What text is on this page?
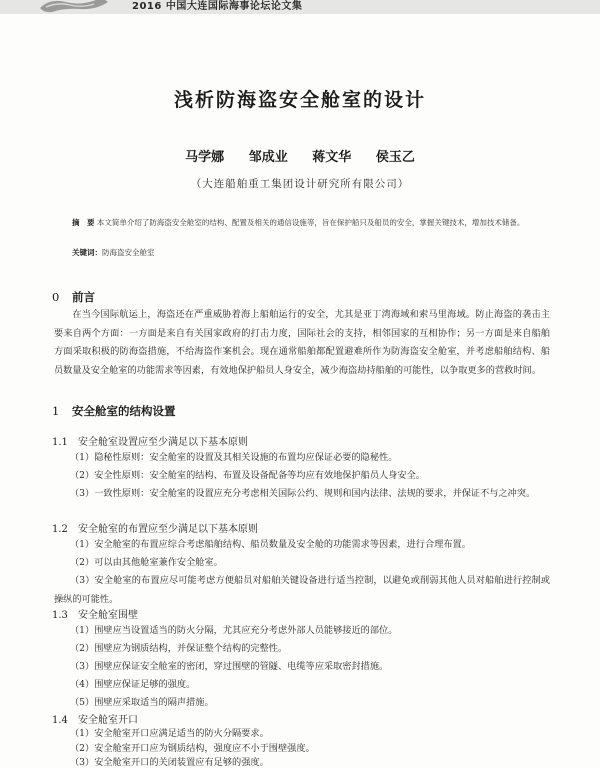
2016 中国大连国际海事论坛论文集
浅析防海盗安全舱室的设计
马学娜 邹成业 蒋文华 侯玉乙
（大连船舶重工集团设计研究所有限公司）
摘　要 本文简单介绍了防海盗安全舱室的结构、配置及相关的通信设施等，旨在保护船只及船员的安全，掌握关键技术，增加技术储备。
关键词：防海盗安全舱室
0 前言
在当今国际航运上，海盗还在严重威胁着海上船舶运行的安全，尤其是亚丁湾海域和索马里海域。防止海盗的袭击主要来自两个方面：一方面是来自有关国家政府的打击力度，国际社会的支持，相邻国家的互相协作；另一方面是来自船舶方面采取积极的防海盗措施，不给海盗作案机会。现在通常船舶都配置避难所作为防海盗安全舱室，并考虑船舶结构、船员数量及安全舱室的功能需求等因素，有效地保护船员人身安全，减少海盗劫持船舶的可能性，以争取更多的营救时间。
1 安全舱室的结构设置
1.1 安全舱室设置应至少满足以下基本原则
（1）隐秘性原则：安全舱室的设置及其相关设施的布置均应保证必要的隐秘性。
（2）安全性原则：安全舱室的结构、布置及设备配备等均应有效地保护船员人身安全。
（3）一致性原则：安全舱室的设置应充分考虑相关国际公约、规则和国内法律、法规的要求，并保证不与之冲突。
1.2 安全舱室的布置应至少满足以下基本原则
（1）安全舱室的布置应综合考虑船舶结构、船员数量及安全舱的功能需求等因素，进行合理布置。
（2）可以由其他舱室兼作安全舱室。
（3）安全舱室的布置应尽可能考虑方便船员对船舶关键设备进行适当控制，以避免或削弱其他人员对船舶进行控制或操纵的可能性。
1.3 安全舱室围壁
（1）围壁应当设置适当的防火分隔，尤其应充分考虑外部人员能够接近的部位。
（2）围壁应为钢质结构，并保证整个结构的完整性。
（3）围壁应保证安全舱室的密闭，穿过围壁的管隧、电缆等应采取密封措施。
（4）围壁应保证足够的强度。
（5）围壁应采取适当的隔声措施。
1.4 安全舱室开口
（1）安全舱室开口应满足适当的防火分隔要求。
（2）安全舱室开口应为钢质结构，强度应不小于围壁强度。
（3）安全舱室开口的关闭装置应有足够的强度。
